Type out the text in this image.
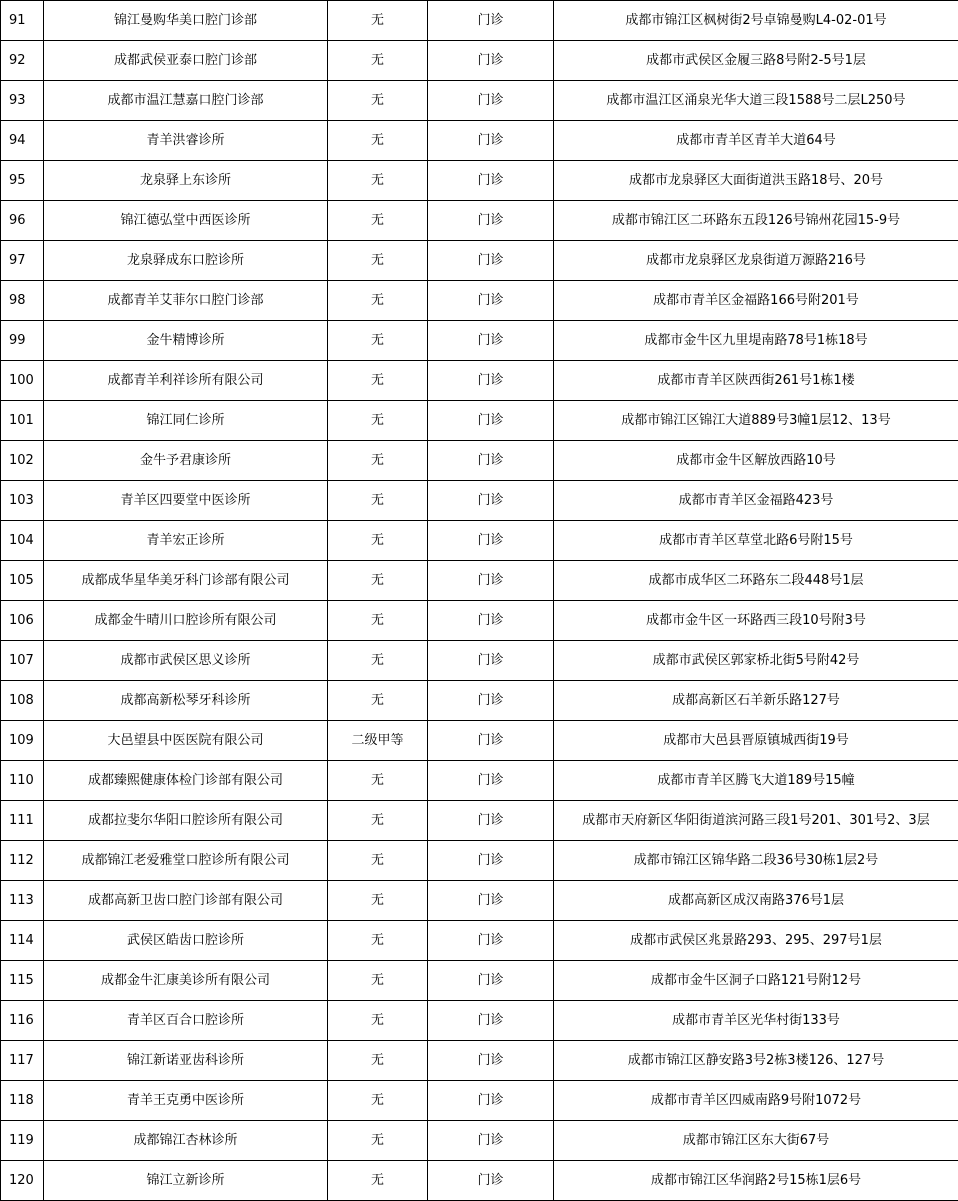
91	锦江曼购华美口腔门诊部	无	门诊	成都市锦江区枫树街2号卓锦曼购L4-02-01号
92	成都武侯亚泰口腔门诊部	无	门诊	成都市武侯区金履三路8号附2-5号1层
93	成都市温江慧嘉口腔门诊部	无	门诊	成都市温江区涌泉光华大道三段1588号二层L250号
94	青羊洪睿诊所	无	门诊	成都市青羊区青羊大道64号
95	龙泉驿上东诊所	无	门诊	成都市龙泉驿区大面街道洪玉路18号、20号
96	锦江德弘堂中西医诊所	无	门诊	成都市锦江区二环路东五段126号锦州花园15-9号
97	龙泉驿成东口腔诊所	无	门诊	成都市龙泉驿区龙泉街道万源路216号
98	成都青羊艾菲尔口腔门诊部	无	门诊	成都市青羊区金福路166号附201号
99	金牛精博诊所	无	门诊	成都市金牛区九里堤南路78号1栋18号
100	成都青羊利祥诊所有限公司	无	门诊	成都市青羊区陕西街261号1栋1楼
101	锦江同仁诊所	无	门诊	成都市锦江区锦江大道889号3幢1层12、13号
102	金牛予君康诊所	无	门诊	成都市金牛区解放西路10号
103	青羊区四要堂中医诊所	无	门诊	成都市青羊区金福路423号
104	青羊宏正诊所	无	门诊	成都市青羊区草堂北路6号附15号
105	成都成华星华美牙科门诊部有限公司	无	门诊	成都市成华区二环路东二段448号1层
106	成都金牛晴川口腔诊所有限公司	无	门诊	成都市金牛区一环路西三段10号附3号
107	成都市武侯区思义诊所	无	门诊	成都市武侯区郭家桥北街5号附42号
108	成都高新松琴牙科诊所	无	门诊	成都高新区石羊新乐路127号
109	大邑望县中医医院有限公司	二级甲等	门诊	成都市大邑县晋原镇城西街19号
110	成都臻熙健康体检门诊部有限公司	无	门诊	成都市青羊区腾飞大道189号15幢
111	成都拉斐尔华阳口腔诊所有限公司	无	门诊	成都市天府新区华阳街道滨河路三段1号201、301号2、3层
112	成都锦江老爱雅堂口腔诊所有限公司	无	门诊	成都市锦江区锦华路二段36号30栋1层2号
113	成都高新卫齿口腔门诊部有限公司	无	门诊	成都高新区成汉南路376号1层
114	武侯区皓齿口腔诊所	无	门诊	成都市武侯区兆景路293、295、297号1层
115	成都金牛汇康美诊所有限公司	无	门诊	成都市金牛区洞子口路121号附12号
116	青羊区百合口腔诊所	无	门诊	成都市青羊区光华村街133号
117	锦江新诺亚齿科诊所	无	门诊	成都市锦江区静安路3号2栋3楼126、127号
118	青羊王克勇中医诊所	无	门诊	成都市青羊区四威南路9号附1072号
119	成都锦江杏林诊所	无	门诊	成都市锦江区东大街67号
120	锦江立新诊所	无	门诊	成都市锦江区华润路2号15栋1层6号
